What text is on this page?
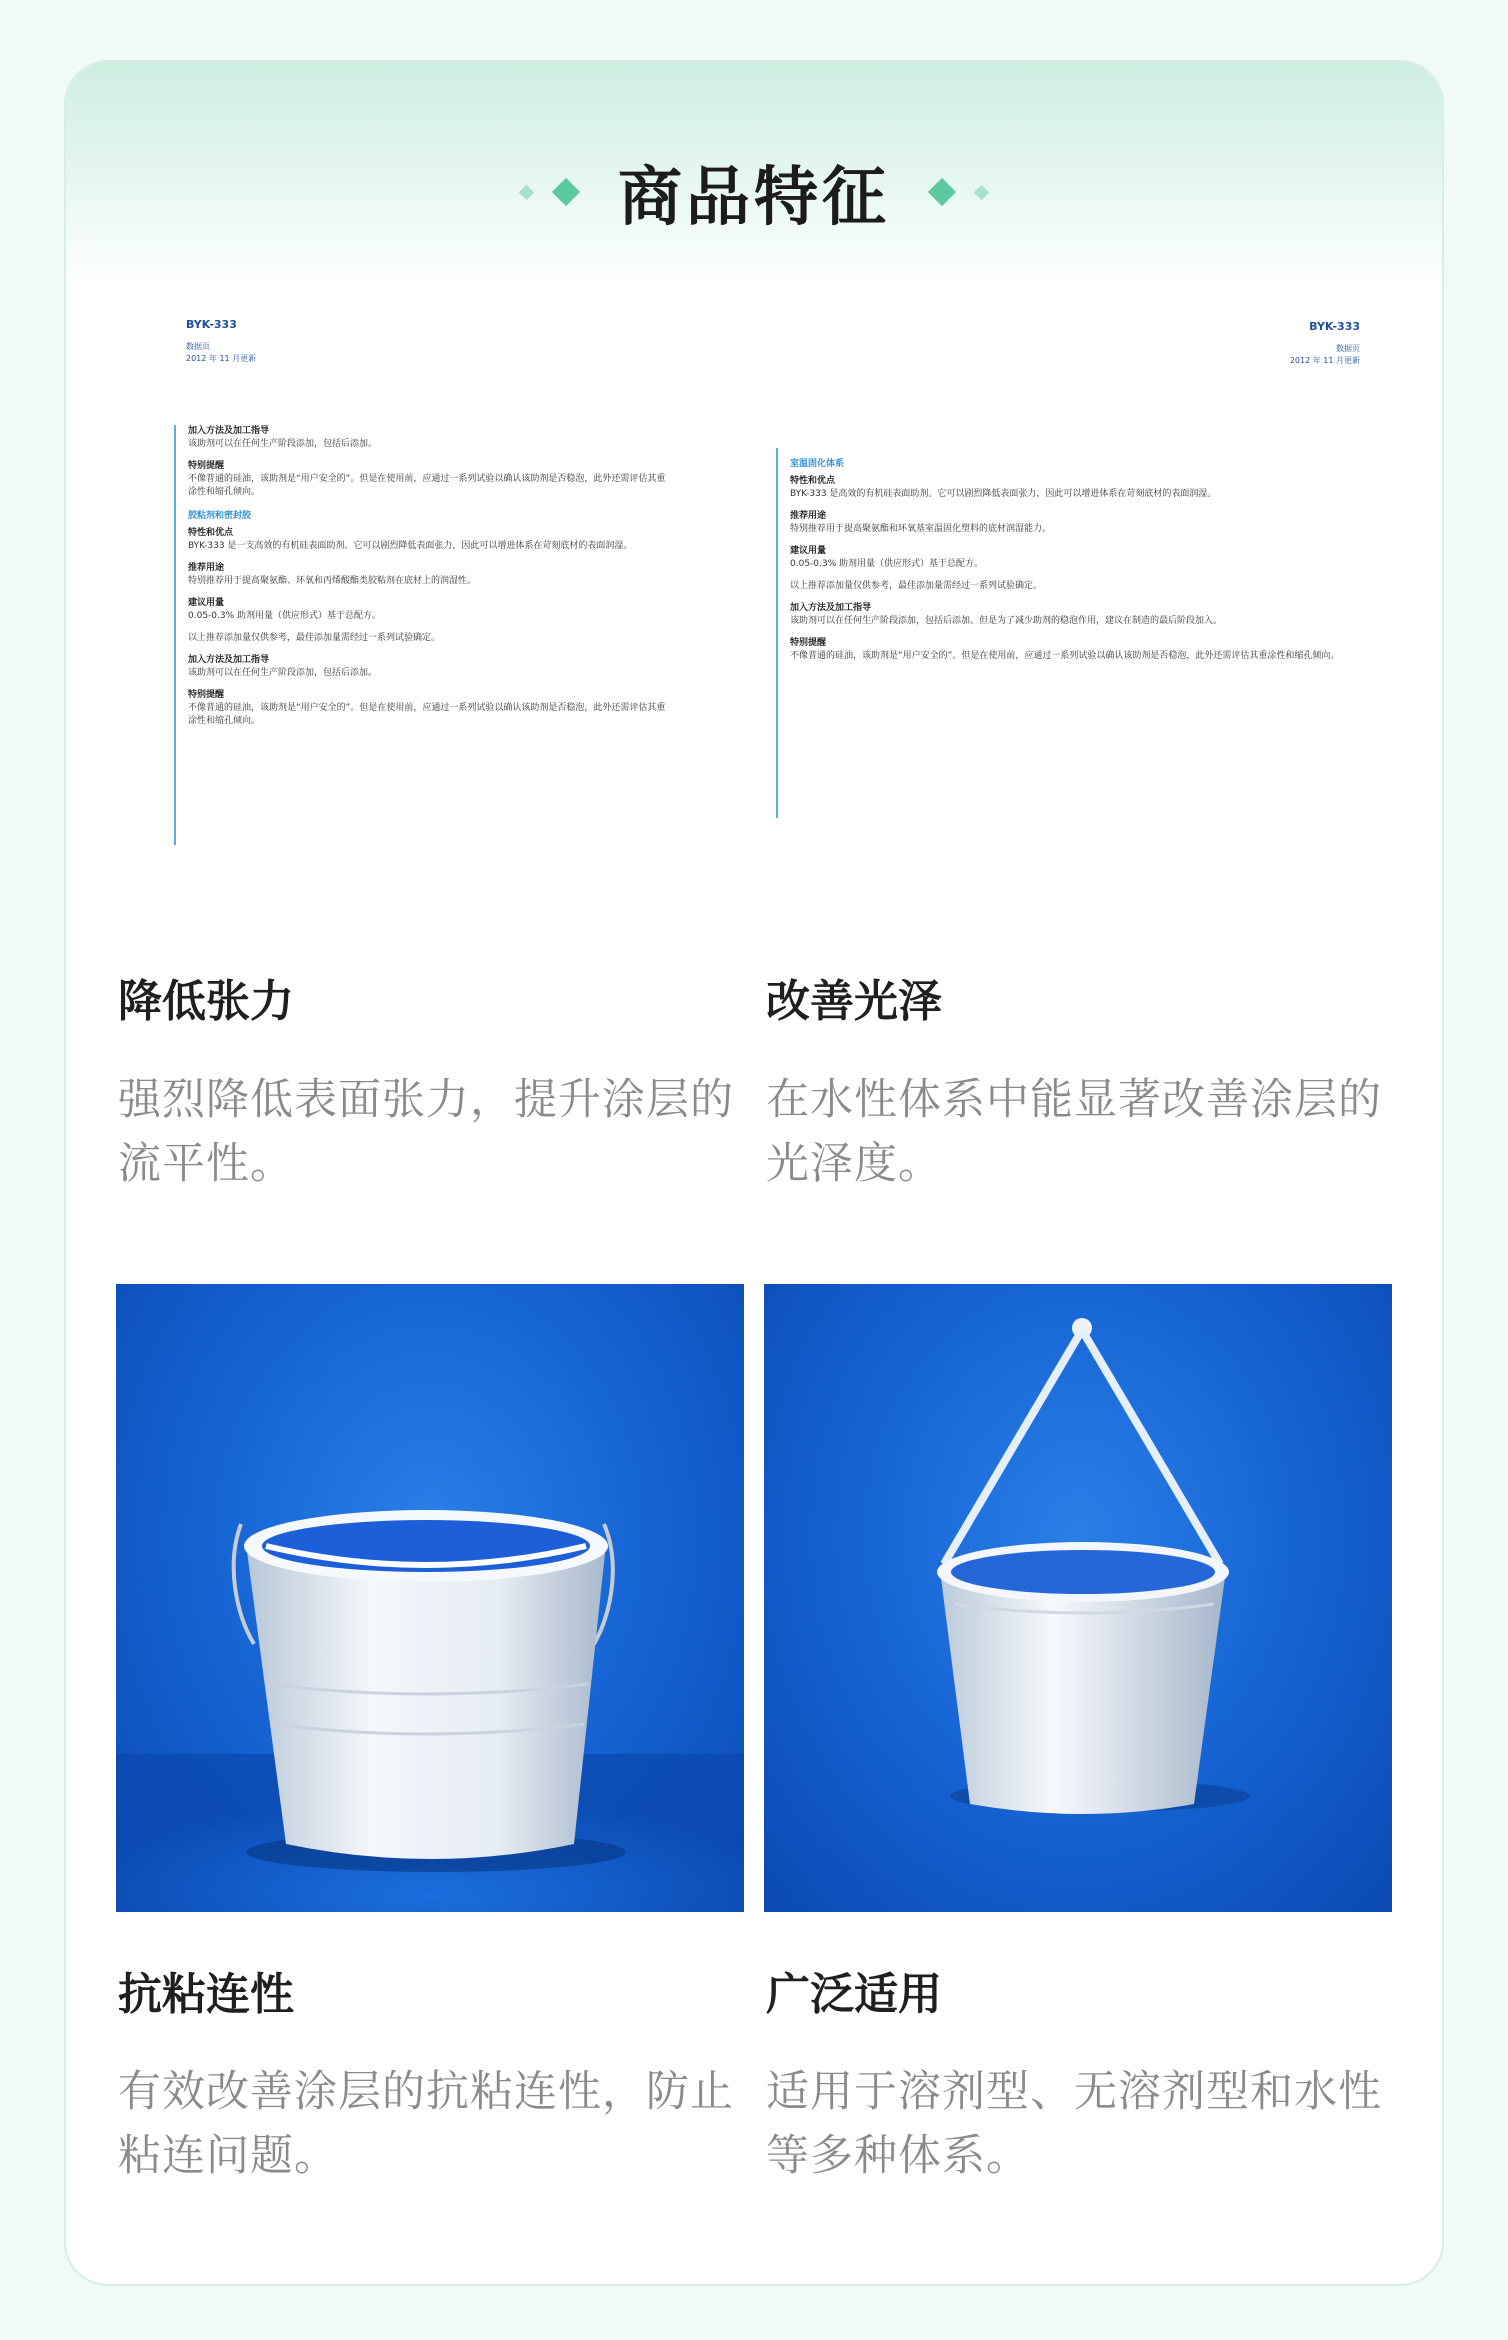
商品特征
BYK-333
数据页
2012 年 11 月更新
加入方法及加工指导
该助剂可以在任何生产阶段添加，包括后添加。
特别提醒
不像普通的硅油，该助剂是“用户安全的”。但是在使用前，应通过一系列试验以确认该助剂是否稳泡，此外还需评估其重涂性和缩孔倾向。
胶粘剂和密封胶
特性和优点
BYK-333 是一支高效的有机硅表面助剂。它可以剧烈降低表面张力，因此可以增进体系在苛刻底材的表面润湿。
推荐用途
特别推荐用于提高聚氨酯、环氧和丙烯酸酯类胶粘剂在底材上的润湿性。
建议用量
0.05-0.3% 助剂用量（供应形式）基于总配方。
以上推荐添加量仅供参考，最佳添加量需经过一系列试验确定。
加入方法及加工指导
该助剂可以在任何生产阶段添加，包括后添加。
特别提醒
不像普通的硅油，该助剂是“用户安全的”。但是在使用前，应通过一系列试验以确认该助剂是否稳泡，此外还需评估其重涂性和缩孔倾向。
BYK-333
数据页
2012 年 11 月更新
室温固化体系
特性和优点
BYK-333 是高效的有机硅表面助剂。它可以剧烈降低表面张力，因此可以增进体系在苛刻底材的表面润湿。
推荐用途
特别推荐用于提高聚氨酯和环氧基室温固化塑料的底材润湿能力。
建议用量
0.05-0.3% 助剂用量（供应形式）基于总配方。
以上推荐添加量仅供参考，最佳添加量需经过一系列试验确定。
加入方法及加工指导
该助剂可以在任何生产阶段添加，包括后添加。但是为了减少助剂的稳泡作用，建议在制造的最后阶段加入。
特别提醒
不像普通的硅油，该助剂是“用户安全的”。但是在使用前，应通过一系列试验以确认该助剂是否稳泡，此外还需评估其重涂性和缩孔倾向。
降低张力
强烈降低表面张力，提升涂层的流平性。
改善光泽
在水性体系中能显著改善涂层的光泽度。
抗粘连性
有效改善涂层的抗粘连性，防止粘连问题。
广泛适用
适用于溶剂型、无溶剂型和水性等多种体系。
